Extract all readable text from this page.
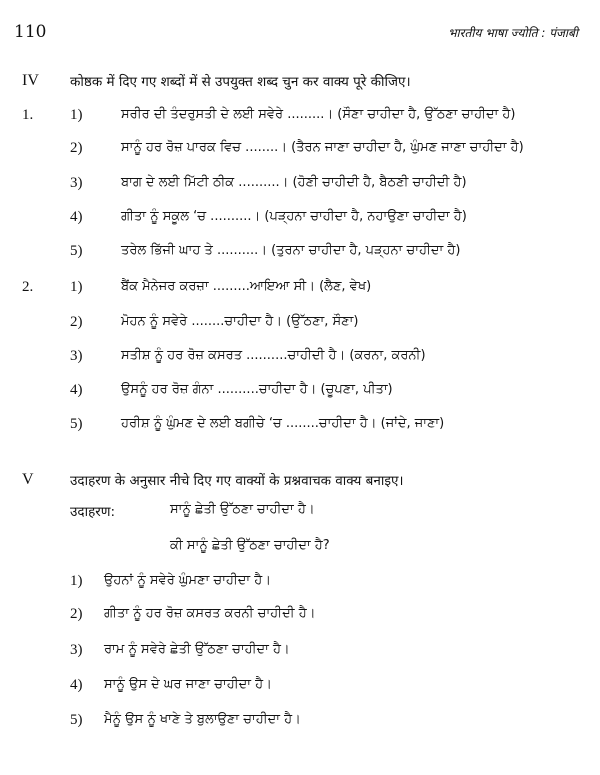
110	भारतीय भाषा ज्योति : पंजाबी
IV कोष्ठक में दिए गए शब्दों में से उपयुक्त शब्द चुन कर वाक्य पूरे कीजिए।
1. 1)	ਸਰੀਰ ਦੀ ਤੰਦਰੁਸਤੀ ਦੇ ਲਈ ਸਵੇਰੇ .........। (ਸੌਣਾ ਚਾਹੀਦਾ ਹੈ, ਉੱਠਣਾ ਚਾਹੀਦਾ ਹੈ)
2)	ਸਾਨੂੰ ਹਰ ਰੋਜ਼ ਪਾਰਕ ਵਿਚ ........। (ਤੈਰਨ ਜਾਣਾ ਚਾਹੀਦਾ ਹੈ, ਘੁੰਮਣ ਜਾਣਾ ਚਾਹੀਦਾ ਹੈ)
3)	ਬਾਗ ਦੇ ਲਈ ਮਿੱਟੀ ਠੀਕ ..........। (ਹੋਣੀ ਚਾਹੀਦੀ ਹੈ, ਬੈਠਣੀ ਚਾਹੀਦੀ ਹੈ)
4)	ਗੀਤਾ ਨੂੰ ਸਕੂਲ ‘ਚ ..........। (ਪੜ੍ਹਨਾ ਚਾਹੀਦਾ ਹੈ, ਨਹਾਉਣਾ ਚਾਹੀਦਾ ਹੈ)
5)	ਤਰੇਲ ਭਿੱਜੀ ਘਾਹ ਤੇ ..........। (ਤੁਰਨਾ ਚਾਹੀਦਾ ਹੈ, ਪੜ੍ਹਨਾ ਚਾਹੀਦਾ ਹੈ)
2. 1)	ਬੈਂਕ ਮੈਨੇਜਰ ਕਰਜ਼ਾ .........ਆਇਆ ਸੀ। (ਲੈਣ, ਵੇਖ)
2)	ਮੋਹਨ ਨੂੰ ਸਵੇਰੇ ........ਚਾਹੀਦਾ ਹੈ। (ਉੱਠਣਾ, ਸੌਣਾ)
3)	ਸਤੀਸ਼ ਨੂੰ ਹਰ ਰੋਜ਼ ਕਸਰਤ ..........ਚਾਹੀਦੀ ਹੈ। (ਕਰਨਾ, ਕਰਨੀ)
4)	ਉਸਨੂੰ ਹਰ ਰੋਜ਼ ਗੰਨਾ ..........ਚਾਹੀਦਾ ਹੈ। (ਚੂਪਣਾ, ਪੀਤਾ)
5)	ਹਰੀਸ਼ ਨੂੰ ਘੁੰਮਣ ਦੇ ਲਈ ਬਗੀਚੇ ‘ਚ ........ਚਾਹੀਦਾ ਹੈ। (ਜਾਂਦੇ, ਜਾਣਾ)
V	उदाहरण के अनुसार नीचे दिए गए वाक्यों के प्रश्नवाचक वाक्य बनाइए।
उदाहरण:	ਸਾਨੂੰ ਛੇਤੀ ਉੱਠਣਾ ਚਾਹੀਦਾ ਹੈ।
ਕੀ ਸਾਨੂੰ ਛੇਤੀ ਉੱਠਣਾ ਚਾਹੀਦਾ ਹੈ?
1) ਉਹਨਾਂ ਨੂੰ ਸਵੇਰੇ ਘੁੰਮਣਾ ਚਾਹੀਦਾ ਹੈ।
2) ਗੀਤਾ ਨੂੰ ਹਰ ਰੋਜ਼ ਕਸਰਤ ਕਰਨੀ ਚਾਹੀਦੀ ਹੈ।
3) ਰਾਮ ਨੂੰ ਸਵੇਰੇ ਛੇਤੀ ਉੱਠਣਾ ਚਾਹੀਦਾ ਹੈ।
4) ਸਾਨੂੰ ਉਸ ਦੇ ਘਰ ਜਾਣਾ ਚਾਹੀਦਾ ਹੈ।
5) ਮੈਨੂੰ ਉਸ ਨੂੰ ਖਾਣੇ ਤੇ ਬੁਲਾਉਣਾ ਚਾਹੀਦਾ ਹੈ।
